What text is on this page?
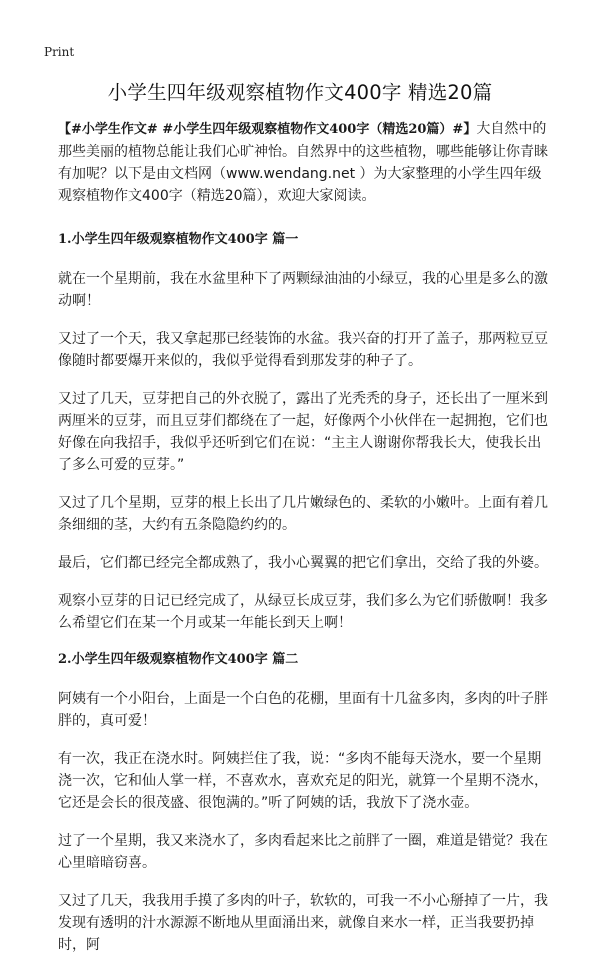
Print
小学生四年级观察植物作文400字 精选20篇

【#小学生作文# #小学生四年级观察植物作文400字（精选20篇）#】大自然中的那些美丽的植物总能让我们心旷神怡。自然界中的这些植物，哪些能够让你青睐有加呢？以下是由文档网（www.wendang.net ）为大家整理的小学生四年级观察植物作文400字（精选20篇），欢迎大家阅读。

1.小学生四年级观察植物作文400字 篇一

就在一个星期前，我在水盆里种下了两颗绿油油的小绿豆，我的心里是多么的激动啊！

又过了一个天，我又拿起那已经装饰的水盆。我兴奋的打开了盖子，那两粒豆豆像随时都要爆开来似的，我似乎觉得看到那发芽的种子了。

又过了几天，豆芽把自己的外衣脱了，露出了光秃秃的身子，还长出了一厘米到两厘米的豆芽，而且豆芽们都绕在了一起，好像两个小伙伴在一起拥抱，它们也好像在向我招手，我似乎还听到它们在说：“主主人谢谢你帮我长大，使我长出了多么可爱的豆芽。”

又过了几个星期，豆芽的根上长出了几片嫩绿色的、柔软的小嫩叶。上面有着几条细细的茎，大约有五条隐隐约约的。

最后，它们都已经完全都成熟了，我小心翼翼的把它们拿出，交给了我的外婆。

观察小豆芽的日记已经完成了，从绿豆长成豆芽，我们多么为它们骄傲啊！我多么希望它们在某一个月或某一年能长到天上啊！

2.小学生四年级观察植物作文400字 篇二

阿姨有一个小阳台，上面是一个白色的花棚，里面有十几盆多肉，多肉的叶子胖胖的，真可爱！

有一次，我正在浇水时。阿姨拦住了我，说：“多肉不能每天浇水，要一个星期浇一次，它和仙人掌一样，不喜欢水，喜欢充足的阳光，就算一个星期不浇水，它还是会长的很茂盛、很饱满的。”听了阿姨的话，我放下了浇水壶。

过了一个星期，我又来浇水了，多肉看起来比之前胖了一圈，难道是错觉？我在心里暗暗窃喜。

又过了几天，我我用手摸了多肉的叶子，软软的，可我一不小心掰掉了一片，我发现有透明的汁水源源不断地从里面涌出来，就像自来水一样，正当我要扔掉时，阿
